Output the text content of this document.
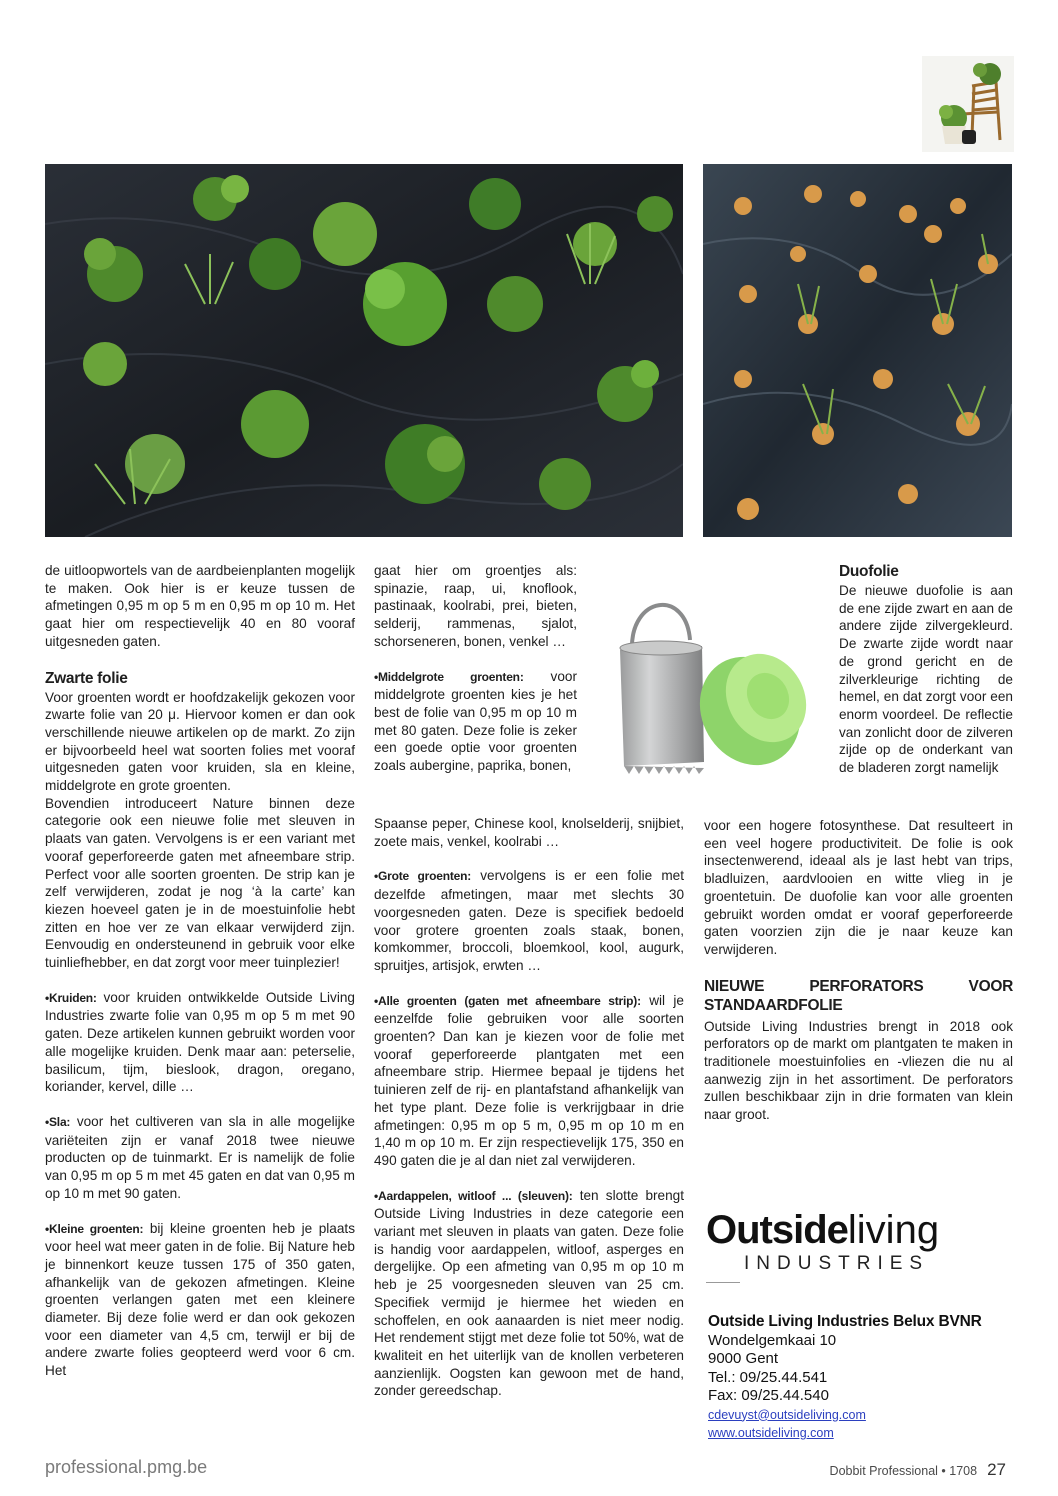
de uitloopwortels van de aardbeienplanten mogelijk te maken. Ook hier is er keuze tussen de afmetingen 0,95 m op 5 m en 0,95 m op 10 m. Het gaat hier om respectievelijk 40 en 80 vooraf uitgesneden gaten.

Zwarte folie

Voor groenten wordt er hoofdzakelijk gekozen voor zwarte folie van 20 μ. Hiervoor komen er dan ook verschillende nieuwe artikelen op de markt. Zo zijn er bijvoorbeeld heel wat soorten folies met vooraf uitgesneden gaten voor kruiden, sla en kleine, middelgrote en grote groenten.

Bovendien introduceert Nature binnen deze categorie ook een nieuwe folie met sleuven in plaats van gaten. Vervolgens is er een variant met vooraf geperforeerde gaten met afneembare strip. Perfect voor alle soorten groenten. De strip kan je zelf verwijderen, zodat je nog ‘à la carte’ kan kiezen hoeveel gaten je in de moestuinfolie hebt zitten en hoe ver ze van elkaar verwijderd zijn. Eenvoudig en ondersteunend in gebruik voor elke tuinliefhebber, en dat zorgt voor meer tuinplezier!

•Kruiden: voor kruiden ontwikkelde Outside Living Industries zwarte folie van 0,95 m op 5 m met 90 gaten. Deze artikelen kunnen gebruikt worden voor alle mogelijke kruiden. Denk maar aan: peterselie, basilicum, tijm, bieslook, dragon, oregano, koriander, kervel, dille …

•Sla: voor het cultiveren van sla in alle mogelijke variëteiten zijn er vanaf 2018 twee nieuwe producten op de tuinmarkt. Er is namelijk de folie van 0,95 m op 5 m met 45 gaten en dat van 0,95 m op 10 m met 90 gaten.

•Kleine groenten: bij kleine groenten heb je plaats voor heel wat meer gaten in de folie. Bij Nature heb je binnenkort keuze tussen 175 of 350 gaten, afhankelijk van de gekozen afmetingen. Kleine groenten verlangen gaten met een kleinere diameter. Bij deze folie werd er dan ook gekozen voor een diameter van 4,5 cm, terwijl er bij de andere zwarte folies geopteerd werd voor 6 cm. Het

gaat hier om groentjes als: spinazie, raap, ui, knoflook, pastinaak, koolrabi, prei, bieten, selderij, rammenas, sjalot, schorseneren, bonen, venkel …

•Middelgrote groenten: voor middelgrote groenten kies je het best de folie van 0,95 m op 10 m met 80 gaten. Deze folie is zeker een goede optie voor groenten zoals aubergine, paprika, bonen,

Spaanse peper, Chinese kool, knolselderij, snijbiet, zoete mais, venkel, koolrabi …

•Grote groenten: vervolgens is er een folie met dezelfde afmetingen, maar met slechts 30 voorgesneden gaten. Deze is specifiek bedoeld voor grotere groenten zoals staak, bonen, komkommer, broccoli, bloemkool, kool, augurk, spruitjes, artisjok, erwten …

•Alle groenten (gaten met afneembare strip): wil je eenzelfde folie gebruiken voor alle soorten groenten? Dan kan je kiezen voor de folie met vooraf geperforeerde plantgaten met een afneembare strip. Hiermee bepaal je tijdens het tuinieren zelf de rij- en plantafstand afhankelijk van het type plant. Deze folie is verkrijgbaar in drie afmetingen: 0,95 m op 5 m, 0,95 m op 10 m en 1,40 m op 10 m. Er zijn respectievelijk 175, 350 en 490 gaten die je al dan niet zal verwijderen.

•Aardappelen, witloof ... (sleuven): ten slotte brengt Outside Living Industries in deze categorie een variant met sleuven in plaats van gaten. Deze folie is handig voor aardappelen, witloof, asperges en dergelijke. Op een afmeting van 0,95 m op 10 m heb je 25 voorgesneden sleuven van 25 cm. Specifiek vermijd je hiermee het wieden en schoffelen, en ook aanaarden is niet meer nodig. Het rendement stijgt met deze folie tot 50%, wat de kwaliteit en het uiterlijk van de knollen verbeteren aanzienlijk. Oogsten kan gewoon met de hand, zonder gereedschap.

Duofolie

De nieuwe duofolie is aan de ene zijde zwart en aan de andere zijde zilvergekleurd. De zwarte zijde wordt naar de grond gericht en de zilverkleurige richting de hemel, en dat zorgt voor een enorm voordeel. De reflectie van zonlicht door de zilveren zijde op de onderkant van de bladeren zorgt namelijk

voor een hogere fotosynthese. Dat resulteert in een veel hogere productiviteit. De folie is ook insectenwerend, ideaal als je last hebt van trips, bladluizen, aardvlooien en witte vlieg in je groentetuin. De duofolie kan voor alle groenten gebruikt worden omdat er vooraf geperforeerde gaten voorzien zijn die je naar keuze kan verwijderen.

NIEUWE PERFORATORS VOOR STANDAARDFOLIE

Outside Living Industries brengt in 2018 ook perforators op de markt om plantgaten te maken in traditionele moestuinfolies en -vliezen die nu al aanwezig zijn in het assortiment. De perforators zullen beschikbaar zijn in drie formaten van klein naar groot.

Outsideliving
INDUSTRIES
Outside Living Industries Belux BVNR
Wondelgemkaai 10
9000 Gent
Tel.: 09/25.44.541
Fax: 09/25.44.540
cdevuyst@outsideliving.com
www.outsideliving.com
professional.pmg.be	Dobbit Professional • 1708 27
